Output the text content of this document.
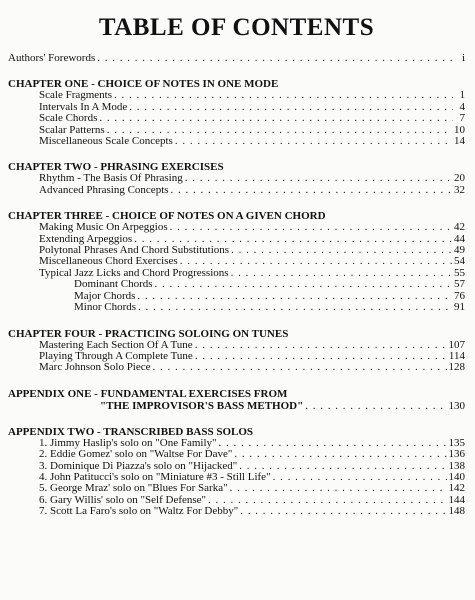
TABLE OF CONTENTS
Authors' Forewords . . .	i
CHAPTER ONE - CHOICE OF NOTES IN ONE MODE
Scale Fragments . . .	1
Intervals In A Mode . . .	4
Scale Chords . . .	7
Scalar Patterns . . .	10
Miscellaneous Scale Concepts . . .	14
CHAPTER TWO - PHRASING EXERCISES
Rhythm - The Basis Of Phrasing . . .	20
Advanced Phrasing Concepts . . .	32
CHAPTER THREE - CHOICE OF NOTES ON A GIVEN CHORD
Making Music On Arpeggios . . .	42
Extending Arpeggios . . .	44
Polytonal Phrases And Chord Substitutions . . .	49
Miscellaneous Chord Exercises . . .	54
Typical Jazz Licks and Chord Progressions . . .	55
Dominant Chords . . .	57
Major Chords . . .	76
Minor Chords . . .	91
CHAPTER FOUR - PRACTICING SOLOING ON TUNES
Mastering Each Section Of A Tune . . .	107
Playing Through A Complete Tune . . .	114
Marc Johnson Solo Piece . . .	128
APPENDIX ONE - FUNDAMENTAL EXERCISES FROM
"THE IMPROVISOR'S BASS METHOD" . . .	130
APPENDIX TWO - TRANSCRIBED BASS SOLOS
1. Jimmy Haslip's solo on "One Family" . . .	135
2. Eddie Gomez' solo on "Waltse For Dave" . . .	136
3. Dominique Di Piazza's solo on "Hijacked" . . .	138
4. John Patitucci's solo on "Miniature #3 - Still Life" . . .	140
5. George Mraz' solo on "Blues For Sarka" . . .	142
6. Gary Willis' solo on "Self Defense" . . .	144
7. Scott La Faro's solo on "Waltz For Debby" . . .	148
